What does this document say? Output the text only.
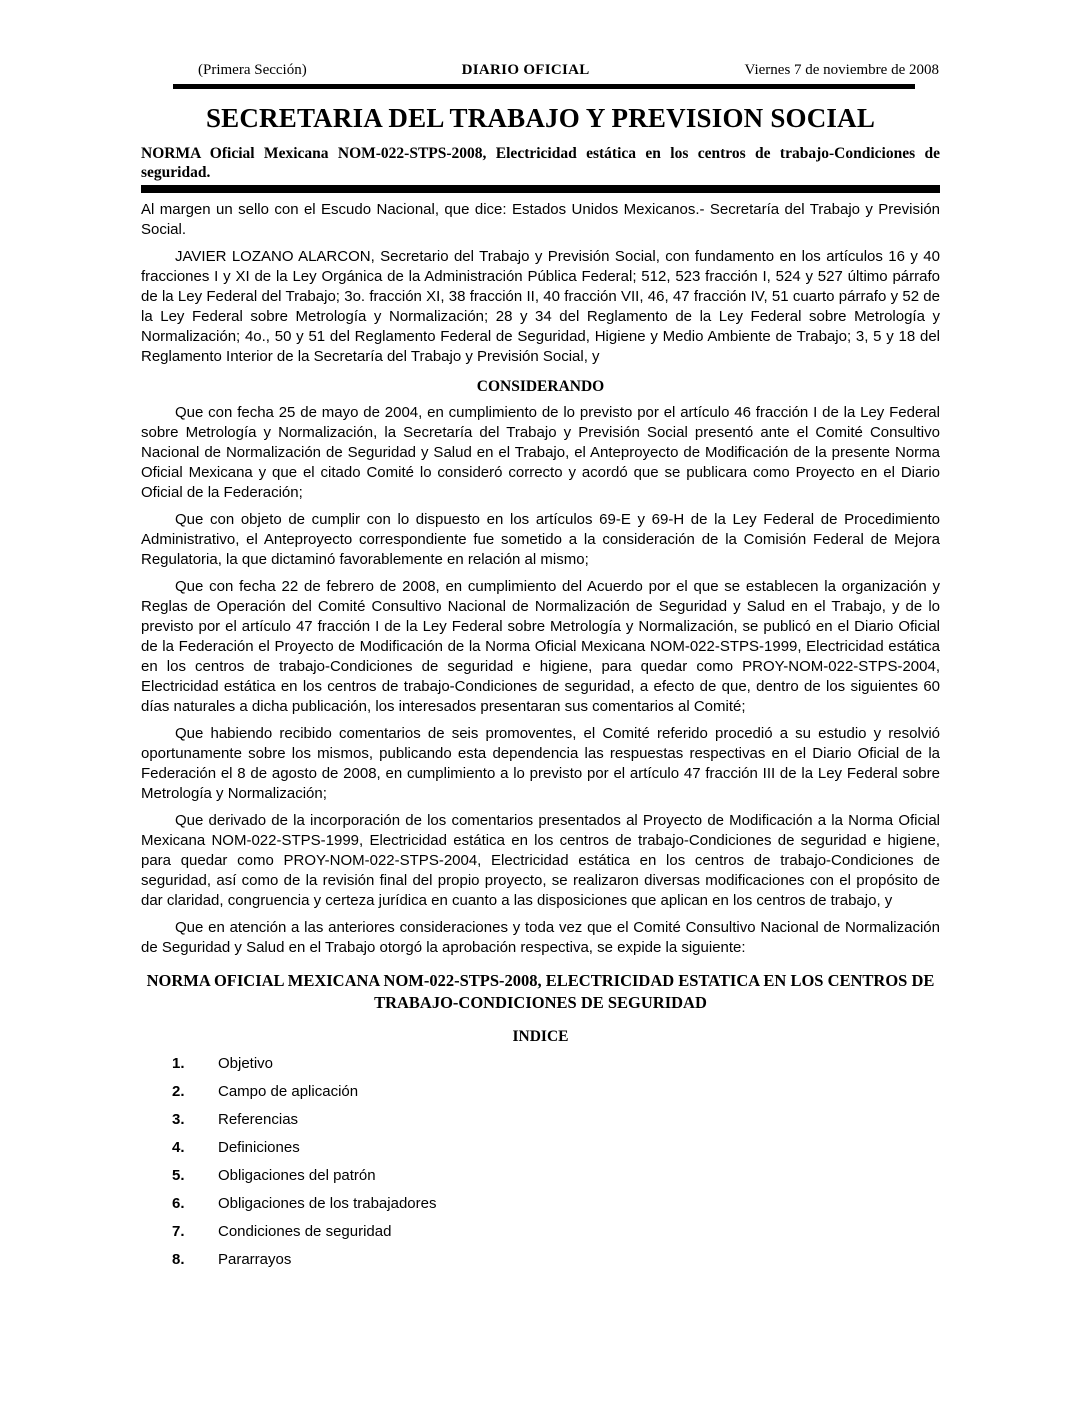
(Primera Sección)	DIARIO OFICIAL	Viernes 7 de noviembre de 2008
SECRETARIA DEL TRABAJO Y PREVISION SOCIAL
NORMA Oficial Mexicana NOM-022-STPS-2008, Electricidad estática en los centros de trabajo-Condiciones de seguridad.

Al margen un sello con el Escudo Nacional, que dice: Estados Unidos Mexicanos.- Secretaría del Trabajo y Previsión Social.

JAVIER LOZANO ALARCON, Secretario del Trabajo y Previsión Social, con fundamento en los artículos 16 y 40 fracciones I y XI de la Ley Orgánica de la Administración Pública Federal; 512, 523 fracción I, 524 y 527 último párrafo de la Ley Federal del Trabajo; 3o. fracción XI, 38 fracción II, 40 fracción VII, 46, 47 fracción IV, 51 cuarto párrafo y 52 de la Ley Federal sobre Metrología y Normalización; 28 y 34 del Reglamento de la Ley Federal sobre Metrología y Normalización; 4o., 50 y 51 del Reglamento Federal de Seguridad, Higiene y Medio Ambiente de Trabajo; 3, 5 y 18 del Reglamento Interior de la Secretaría del Trabajo y Previsión Social, y

CONSIDERANDO

Que con fecha 25 de mayo de 2004, en cumplimiento de lo previsto por el artículo 46 fracción I de la Ley Federal sobre Metrología y Normalización, la Secretaría del Trabajo y Previsión Social presentó ante el Comité Consultivo Nacional de Normalización de Seguridad y Salud en el Trabajo, el Anteproyecto de Modificación de la presente Norma Oficial Mexicana y que el citado Comité lo consideró correcto y acordó que se publicara como Proyecto en el Diario Oficial de la Federación;

Que con objeto de cumplir con lo dispuesto en los artículos 69-E y 69-H de la Ley Federal de Procedimiento Administrativo, el Anteproyecto correspondiente fue sometido a la consideración de la Comisión Federal de Mejora Regulatoria, la que dictaminó favorablemente en relación al mismo;

Que con fecha 22 de febrero de 2008, en cumplimiento del Acuerdo por el que se establecen la organización y Reglas de Operación del Comité Consultivo Nacional de Normalización de Seguridad y Salud en el Trabajo, y de lo previsto por el artículo 47 fracción I de la Ley Federal sobre Metrología y Normalización, se publicó en el Diario Oficial de la Federación el Proyecto de Modificación de la Norma Oficial Mexicana NOM-022-STPS-1999, Electricidad estática en los centros de trabajo-Condiciones de seguridad e higiene, para quedar como PROY-NOM-022-STPS-2004, Electricidad estática en los centros de trabajo-Condiciones de seguridad, a efecto de que, dentro de los siguientes 60 días naturales a dicha publicación, los interesados presentaran sus comentarios al Comité;

Que habiendo recibido comentarios de seis promoventes, el Comité referido procedió a su estudio y resolvió oportunamente sobre los mismos, publicando esta dependencia las respuestas respectivas en el Diario Oficial de la Federación el 8 de agosto de 2008, en cumplimiento a lo previsto por el artículo 47 fracción III de la Ley Federal sobre Metrología y Normalización;

Que derivado de la incorporación de los comentarios presentados al Proyecto de Modificación a la Norma Oficial Mexicana NOM-022-STPS-1999, Electricidad estática en los centros de trabajo-Condiciones de seguridad e higiene, para quedar como PROY-NOM-022-STPS-2004, Electricidad estática en los centros de trabajo-Condiciones de seguridad, así como de la revisión final del propio proyecto, se realizaron diversas modificaciones con el propósito de dar claridad, congruencia y certeza jurídica en cuanto a las disposiciones que aplican en los centros de trabajo, y

Que en atención a las anteriores consideraciones y toda vez que el Comité Consultivo Nacional de Normalización de Seguridad y Salud en el Trabajo otorgó la aprobación respectiva, se expide la siguiente:

NORMA OFICIAL MEXICANA NOM-022-STPS-2008, ELECTRICIDAD ESTATICA EN LOS CENTROS DE
TRABAJO-CONDICIONES DE SEGURIDAD
INDICE
1.	Objetivo
2.	Campo de aplicación
3.	Referencias
4.	Definiciones
5.	Obligaciones del patrón
6.	Obligaciones de los trabajadores
7.	Condiciones de seguridad
8.	Pararrayos
